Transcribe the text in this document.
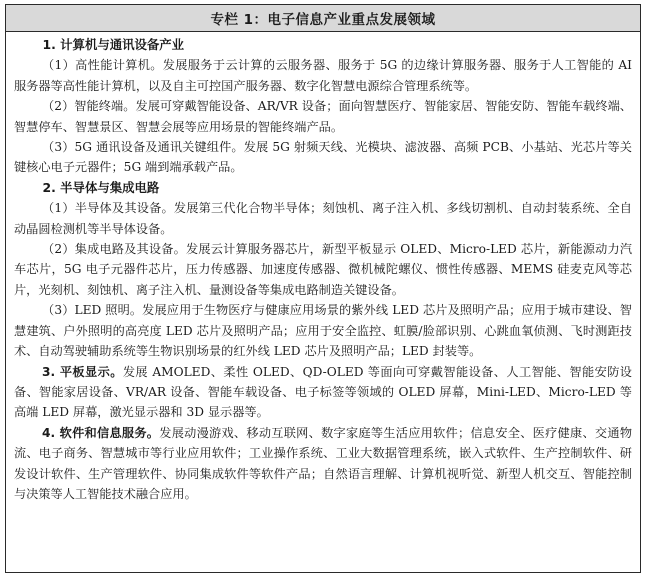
专栏 1：电子信息产业重点发展领域

1. 计算机与通讯设备产业

（1）高性能计算机。发展服务于云计算的云服务器、服务于 5G 的边缘计算服务器、服务于人工智能的 AI 服务器等高性能计算机，以及自主可控国产服务器、数字化智慧电源综合管理系统等。

（2）智能终端。发展可穿戴智能设备、AR/VR 设备；面向智慧医疗、智能家居、智能安防、智能车载终端、智慧停车、智慧景区、智慧会展等应用场景的智能终端产品。

（3）5G 通讯设备及通讯关键组件。发展 5G 射频天线、光模块、滤波器、高频 PCB、小基站、光芯片等关键核心电子元器件；5G 端到端承载产品。

2. 半导体与集成电路

（1）半导体及其设备。发展第三代化合物半导体；刻蚀机、离子注入机、多线切割机、自动封装系统、全自动晶圆检测机等半导体设备。

（2）集成电路及其设备。发展云计算服务器芯片，新型平板显示 OLED、Micro-LED 芯片，新能源动力汽车芯片，5G 电子元器件芯片，压力传感器、加速度传感器、微机械陀螺仪、惯性传感器、MEMS 硅麦克风等芯片，光刻机、刻蚀机、离子注入机、量测设备等集成电路制造关键设备。

（3）LED 照明。发展应用于生物医疗与健康应用场景的紫外线 LED 芯片及照明产品；应用于城市建设、智慧建筑、户外照明的高亮度 LED 芯片及照明产品；应用于安全监控、虹膜/脸部识别、心跳血氧侦测、飞时测距技术、自动驾驶辅助系统等生物识别场景的红外线 LED 芯片及照明产品；LED 封装等。

3. 平板显示。发展 AMOLED、柔性 OLED、QD-OLED 等面向可穿戴智能设备、人工智能、智能安防设备、智能家居设备、VR/AR 设备、智能车载设备、电子标签等领域的 OLED 屏幕，Mini-LED、Micro-LED 等高端 LED 屏幕，激光显示器和 3D 显示器等。

4. 软件和信息服务。发展动漫游戏、移动互联网、数字家庭等生活应用软件；信息安全、医疗健康、交通物流、电子商务、智慧城市等行业应用软件；工业操作系统、工业大数据管理系统，嵌入式软件、生产控制软件、研发设计软件、生产管理软件、协同集成软件等软件产品；自然语言理解、计算机视听觉、新型人机交互、智能控制与决策等人工智能技术融合应用。
